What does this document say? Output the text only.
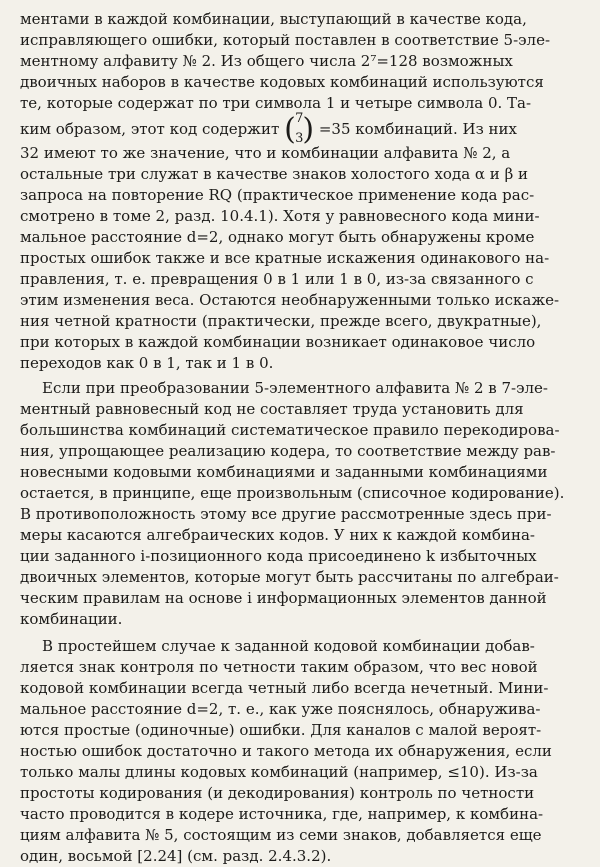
ментами в каждой комбинации, выступающий в качестве кода,
исправляющего ошибки, который поставлен в соответствие 5-эле-
ментному алфавиту № 2. Из общего числа 2⁷=128 возможных
двоичных наборов в качестве кодовых комбинаций используются
те, которые содержат по три символа 1 и четыре символа 0. Та-
ким образом, этот код содержит ( 7
3 ) =35 комбинаций. Из них
32 имеют то же значение, что и комбинации алфавита № 2, а
остальные три служат в качестве знаков холостого хода α и β и
запроса на повторение RQ (практическое применение кода рас-
смотрено в томе 2, разд. 10.4.1). Хотя у равновесного кода мини-
мальное расстояние d=2, однако могут быть обнаружены кроме
простых ошибок также и все кратные искажения одинакового на-
правления, т. е. превращения 0 в 1 или 1 в 0, из-за связанного с
этим изменения веса. Остаются необнаруженными только искаже-
ния четной кратности (практически, прежде всего, двукратные),
при которых в каждой комбинации возникает одинаковое число
переходов как 0 в 1, так и 1 в 0.
Если при преобразовании 5-элементного алфавита № 2 в 7-эле-
ментный равновесный код не составляет труда установить для
большинства комбинаций систематическое правило перекодирова-
ния, упрощающее реализацию кодера, то соответствие между рав-
новесными кодовыми комбинациями и заданными комбинациями
остается, в принципе, еще произвольным (списочное кодирование).
В противоположность этому все другие рассмотренные здесь при-
меры касаются алгебраических кодов. У них к каждой комбина-
ции заданного i-позиционного кода присоединено k избыточных
двоичных элементов, которые могут быть рассчитаны по алгебраи-
ческим правилам на основе i информационных элементов данной
комбинации.
В простейшем случае к заданной кодовой комбинации добав-
ляется знак контроля по четности таким образом, что вес новой
кодовой комбинации всегда четный либо всегда нечетный. Мини-
мальное расстояние d=2, т. е., как уже пояснялось, обнаружива-
ются простые (одиночные) ошибки. Для каналов с малой вероят-
ностью ошибок достаточно и такого метода их обнаружения, если
только малы длины кодовых комбинаций (например, ≤10). Из-за
простоты кодирования (и декодирования) контроль по четности
часто проводится в кодере источника, где, например, к комбина-
циям алфавита № 5, состоящим из семи знаков, добавляется еще
один, восьмой [2.24] (см. разд. 2.4.3.2).
